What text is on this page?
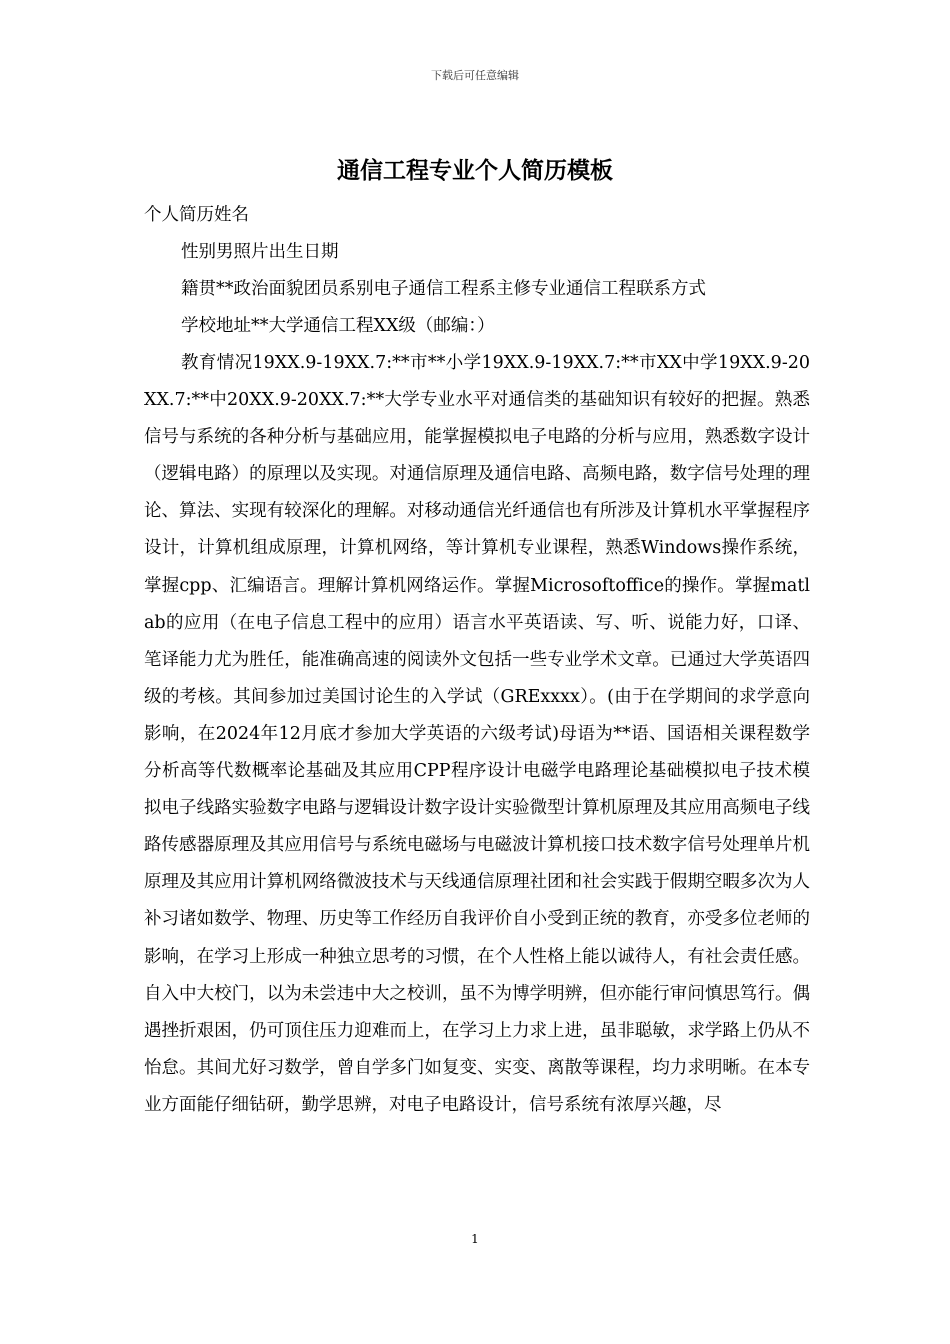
下载后可任意编辑
通信工程专业个人简历模板
个人简历姓名
性别男照片出生日期
籍贯**政治面貌团员系别电子通信工程系主修专业通信工程联系方式
学校地址**大学通信工程XX级（邮编：）

教育情况19XX.9-19XX.7:**市**小学19XX.9-19XX.7:**市XX中学19XX.9-20XX.7:**中20XX.9-20XX.7:**大学专业水平对通信类的基础知识有较好的把握。熟悉信号与系统的各种分析与基础应用，能掌握模拟电子电路的分析与应用，熟悉数字设计（逻辑电路）的原理以及实现。对通信原理及通信电路、高频电路，数字信号处理的理论、算法、实现有较深化的理解。对移动通信光纤通信也有所涉及计算机水平掌握程序设计，计算机组成原理，计算机网络，等计算机专业课程，熟悉Windows操作系统，掌握cpp、汇编语言。理解计算机网络运作。掌握Microsoftoffice的操作。掌握matlab的应用（在电子信息工程中的应用）语言水平英语读、写、听、说能力好，口译、笔译能力尤为胜任，能准确高速的阅读外文包括一些专业学术文章。已通过大学英语四级的考核。其间参加过美国讨论生的入学试（GRExxxx）。(由于在学期间的求学意向影响，在2024年12月底才参加大学英语的六级考试)母语为**语、国语相关课程数学分析高等代数概率论基础及其应用CPP程序设计电磁学电路理论基础模拟电子技术模拟电子线路实验数字电路与逻辑设计数字设计实验微型计算机原理及其应用高频电子线路传感器原理及其应用信号与系统电磁场与电磁波计算机接口技术数字信号处理单片机原理及其应用计算机网络微波技术与天线通信原理社团和社会实践于假期空暇多次为人补习诸如数学、物理、历史等工作经历自我评价自小受到正统的教育，亦受多位老师的影响，在学习上形成一种独立思考的习惯，在个人性格上能以诚待人，有社会责任感。自入中大校门，以为未尝违中大之校训，虽不为博学明辨，但亦能行审问慎思笃行。偶遇挫折艰困，仍可顶住压力迎难而上，在学习上力求上进，虽非聪敏，求学路上仍从不怡怠。其间尤好习数学，曾自学多门如复变、实变、离散等课程，均力求明晰。在本专业方面能仔细钻研，勤学思辨，对电子电路设计，信号系统有浓厚兴趣，尽

1
